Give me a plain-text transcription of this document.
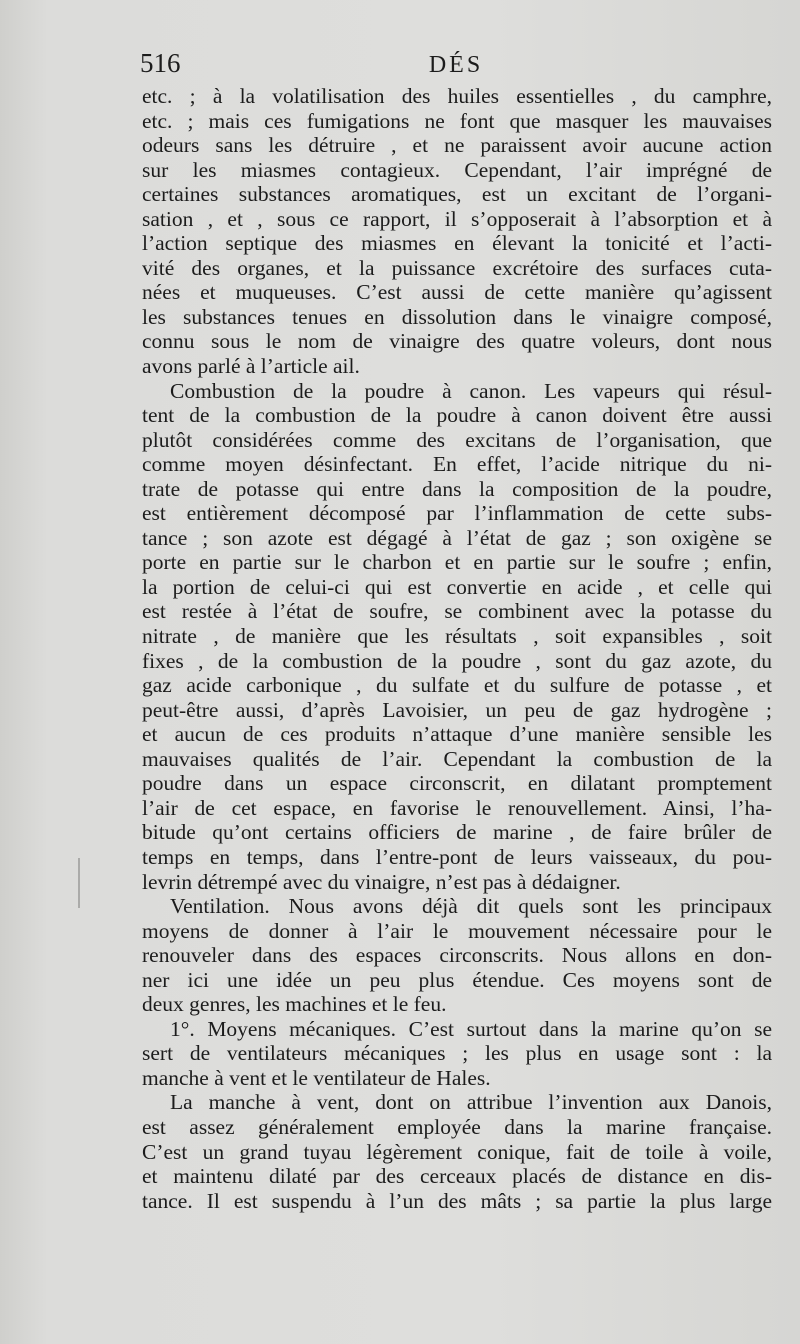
516	DÉS
etc. ; à la volatilisation des huiles essentielles , du camphre,
etc. ; mais ces fumigations ne font que masquer les mauvaises
odeurs sans les détruire , et ne paraissent avoir aucune action
sur les miasmes contagieux. Cependant, l’air imprégné de
certaines substances aromatiques, est un excitant de l’organi-
sation , et , sous ce rapport, il s’opposerait à l’absorption et à
l’action septique des miasmes en élevant la tonicité et l’acti-
vité des organes, et la puissance excrétoire des surfaces cuta-
nées et muqueuses. C’est aussi de cette manière qu’agissent
les substances tenues en dissolution dans le vinaigre composé,
connu sous le nom de vinaigre des quatre voleurs, dont nous
avons parlé à l’article ail.
Combustion de la poudre à canon. Les vapeurs qui résul-
tent de la combustion de la poudre à canon doivent être aussi
plutôt considérées comme des excitans de l’organisation, que
comme moyen désinfectant. En effet, l’acide nitrique du ni-
trate de potasse qui entre dans la composition de la poudre,
est entièrement décomposé par l’inflammation de cette subs-
tance ; son azote est dégagé à l’état de gaz ; son oxigène se
porte en partie sur le charbon et en partie sur le soufre ; enfin,
la portion de celui-ci qui est convertie en acide , et celle qui
est restée à l’état de soufre, se combinent avec la potasse du
nitrate , de manière que les résultats , soit expansibles , soit
fixes , de la combustion de la poudre , sont du gaz azote, du
gaz acide carbonique , du sulfate et du sulfure de potasse , et
peut-être aussi, d’après Lavoisier, un peu de gaz hydrogène ;
et aucun de ces produits n’attaque d’une manière sensible les
mauvaises qualités de l’air. Cependant la combustion de la
poudre dans un espace circonscrit, en dilatant promptement
l’air de cet espace, en favorise le renouvellement. Ainsi, l’ha-
bitude qu’ont certains officiers de marine , de faire brûler de
temps en temps, dans l’entre-pont de leurs vaisseaux, du pou-
levrin détrempé avec du vinaigre, n’est pas à dédaigner.
Ventilation. Nous avons déjà dit quels sont les principaux
moyens de donner à l’air le mouvement nécessaire pour le
renouveler dans des espaces circonscrits. Nous allons en don-
ner ici une idée un peu plus étendue. Ces moyens sont de
deux genres, les machines et le feu.
1°. Moyens mécaniques. C’est surtout dans la marine qu’on se
sert de ventilateurs mécaniques ; les plus en usage sont : la
manche à vent et le ventilateur de Hales.
La manche à vent, dont on attribue l’invention aux Danois,
est assez généralement employée dans la marine française.
C’est un grand tuyau légèrement conique, fait de toile à voile,
et maintenu dilaté par des cerceaux placés de distance en dis-
tance. Il est suspendu à l’un des mâts ; sa partie la plus large
